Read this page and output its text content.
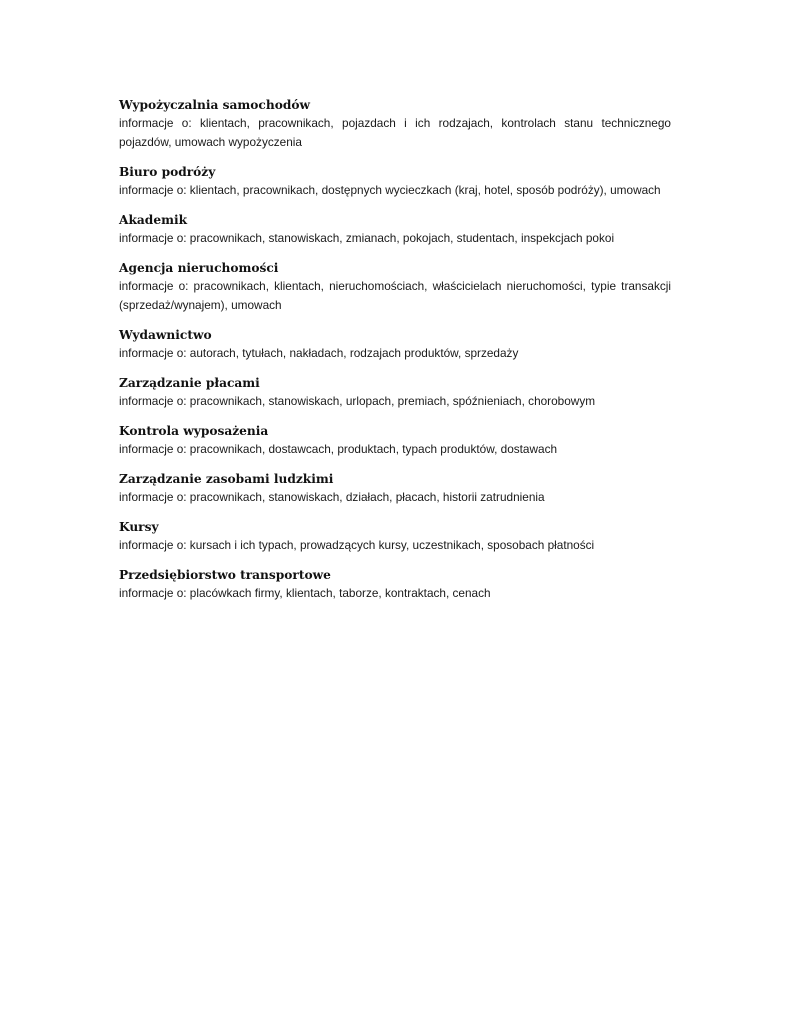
Wypożyczalnia samochodów

informacje o: klientach, pracownikach, pojazdach i ich rodzajach, kontrolach stanu technicznego pojazdów, umowach wypożyczenia

Biuro podróży

informacje o: klientach, pracownikach, dostępnych wycieczkach (kraj, hotel, sposób podróży), umowach

Akademik

informacje o: pracownikach, stanowiskach, zmianach, pokojach, studentach, inspekcjach pokoi

Agencja nieruchomości

informacje o: pracownikach, klientach, nieruchomościach, właścicielach nieruchomości, typie transakcji (sprzedaż/wynajem), umowach

Wydawnictwo

informacje o: autorach, tytułach, nakładach, rodzajach produktów, sprzedaży

Zarządzanie płacami

informacje o: pracownikach, stanowiskach, urlopach, premiach, spóźnieniach, chorobowym

Kontrola wyposażenia

informacje o: pracownikach, dostawcach, produktach, typach produktów, dostawach

Zarządzanie zasobami ludzkimi

informacje o: pracownikach, stanowiskach, działach, płacach, historii zatrudnienia

Kursy

informacje o: kursach i ich typach, prowadzących kursy, uczestnikach, sposobach płatności

Przedsiębiorstwo transportowe

informacje o: placówkach firmy, klientach, taborze, kontraktach, cenach
